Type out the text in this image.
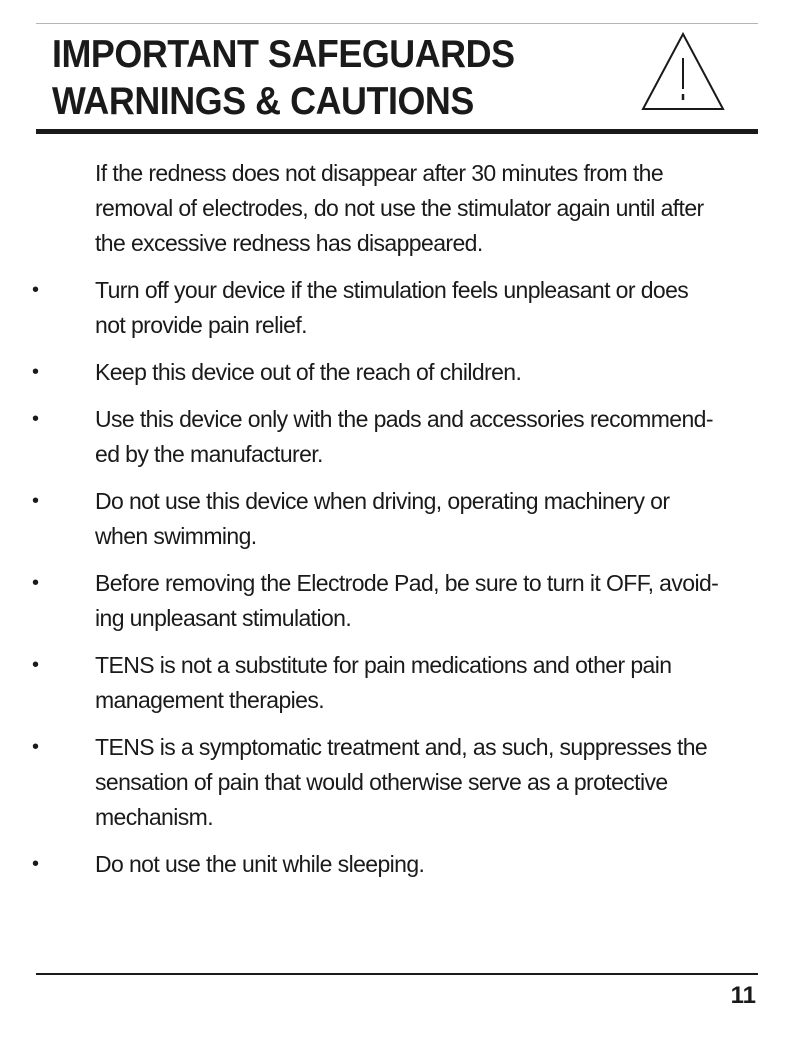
IMPORTANT SAFEGUARDS
WARNINGS & CAUTIONS

If the redness does not disappear after 30 minutes from the
removal of electrodes, do not use the stimulator again until after
the excessive redness has disappeared.

•	Turn off your device if the stimulation feels unpleasant or does
not provide pain relief.
•	Keep this device out of the reach of children.
•	Use this device only with the pads and accessories recommend-
ed by the manufacturer.
•	Do not use this device when driving, operating machinery or
when swimming.
•	Before removing the Electrode Pad, be sure to turn it OFF, avoid-
ing unpleasant stimulation.
•	TENS is not a substitute for pain medications and other pain
management therapies.
•	TENS is a symptomatic treatment and, as such, suppresses the
sensation of pain that would otherwise serve as a protective
mechanism.
•	Do not use the unit while sleeping.
11
